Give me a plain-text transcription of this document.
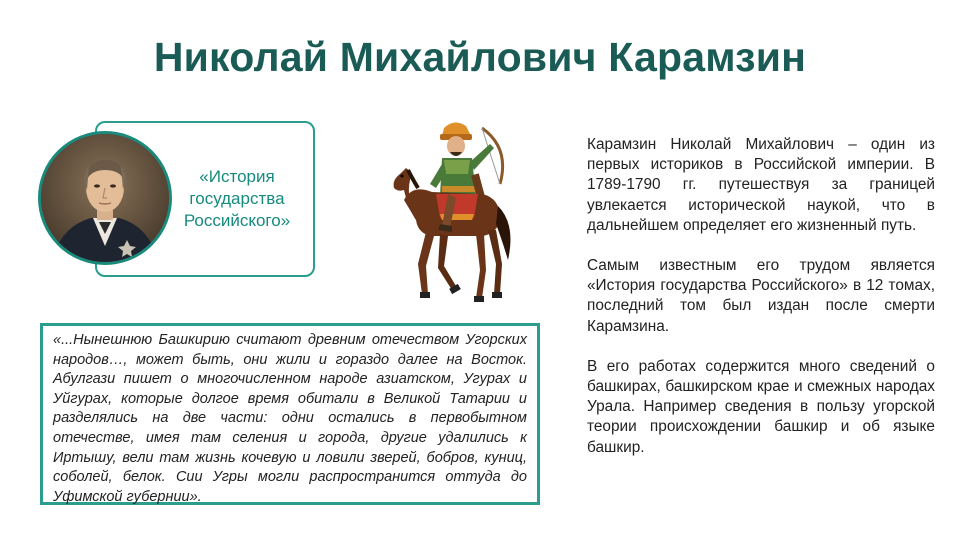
Николай Михайлович Карамзин
«История государства Российского»

«...Нынешнюю Башкирию считают древним отечеством Угорских народов…, может быть, они жили и гораздо далее на Восток. Абулгази пишет о многочисленном народе азиатском, Угурах и Уйгурах, которые долгое время обитали в Великой Татарии и разделялись на две части: одни остались в первобытном отечестве, имея там селения и города, другие удалились к Иртышу, вели там жизнь кочевую и ловили зверей, бобров, куниц, соболей, белок. Сии Угры могли распространится оттуда до Уфимской губернии».

Карамзин Николай Михайлович – один из первых историков в Российской империи. В 1789-1790 гг. путешествуя за границей увлекается исторической наукой, что в дальнейшем определяет его жизненный путь.

Самым известным его трудом является «История государства Российского» в 12 томах, последний том был издан после смерти Карамзина.

В его работах содержится много сведений о башкирах, башкирском крае и смежных народах Урала. Например сведения в пользу угорской теории происхождении башкир и об языке башкир.
